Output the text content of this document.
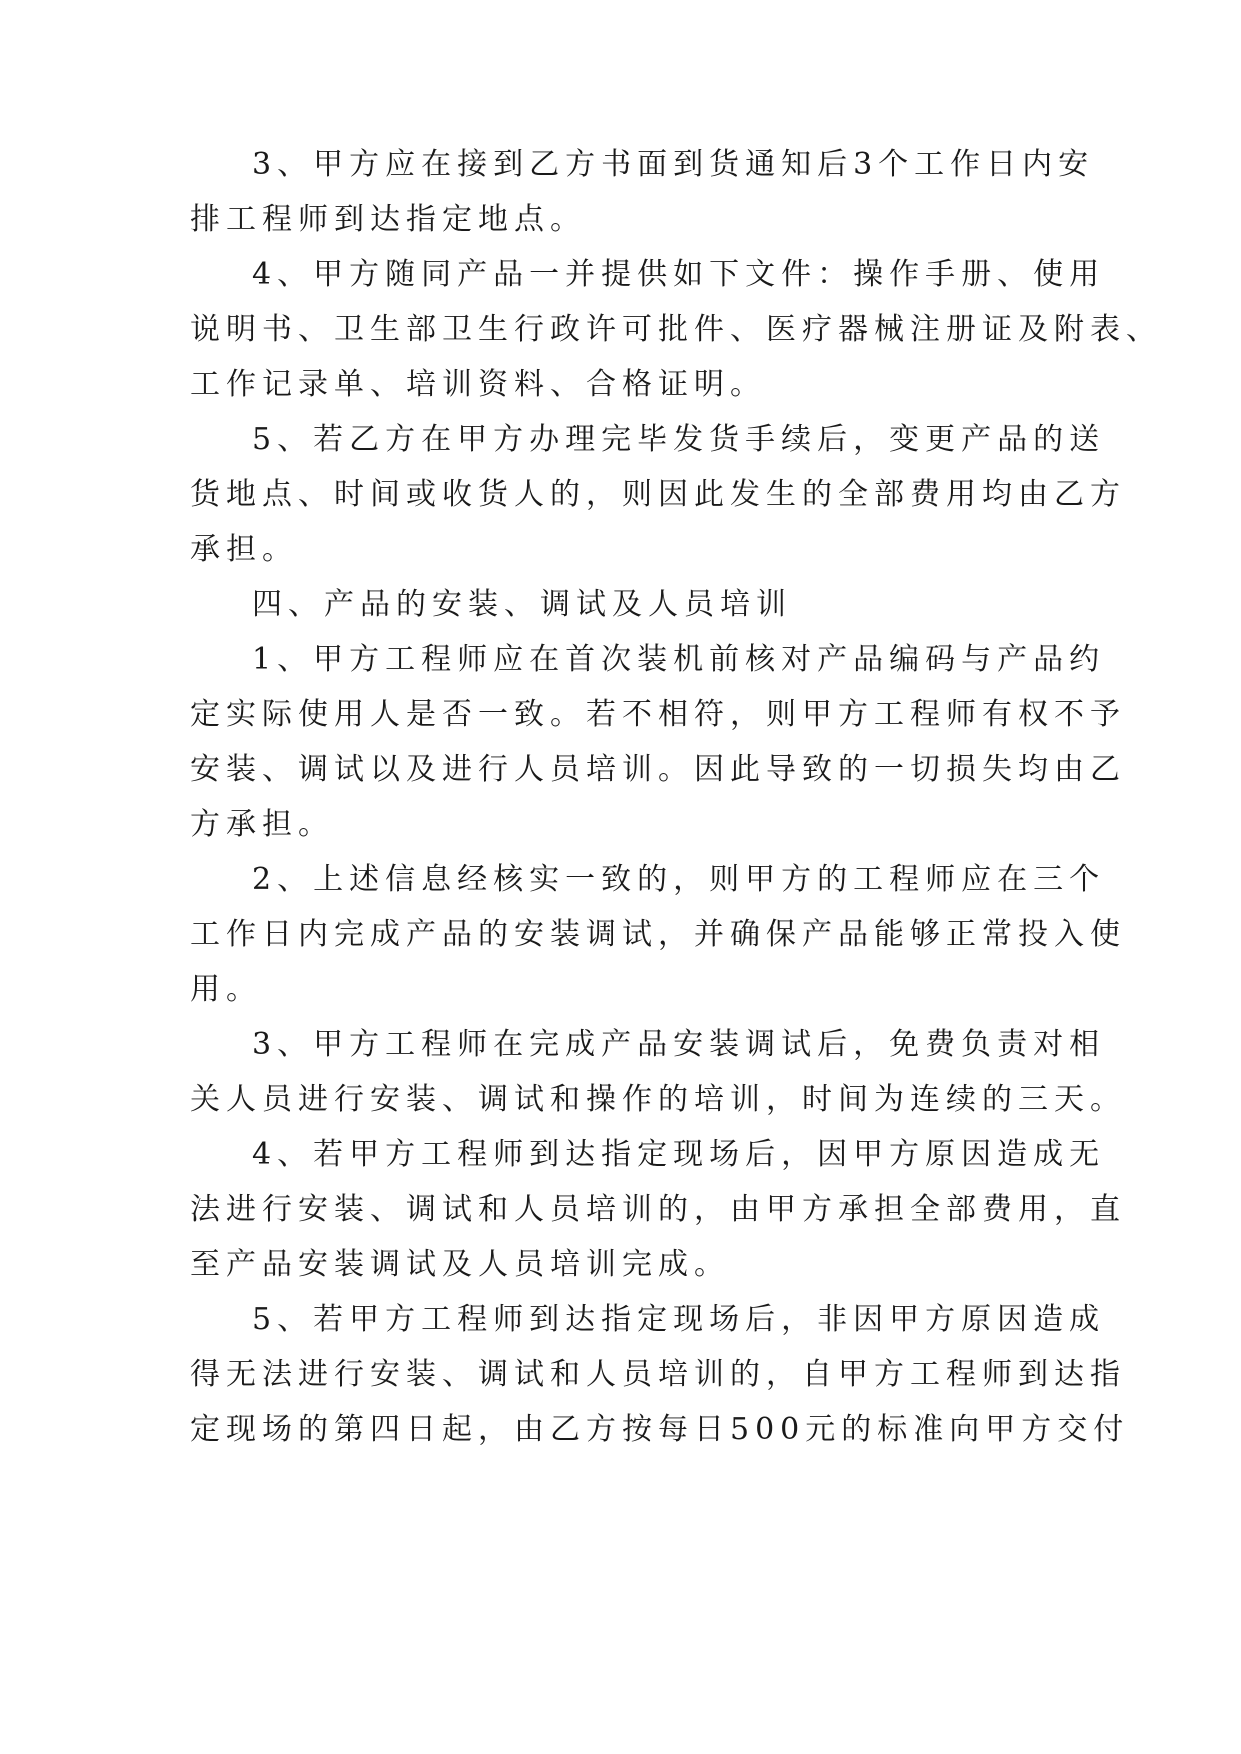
3、甲方应在接到乙方书面到货通知后3个工作日内安
排工程师到达指定地点。
4、甲方随同产品一并提供如下文件：操作手册、使用
说明书、卫生部卫生行政许可批件、医疗器械注册证及附表、
工作记录单、培训资料、合格证明。
5、若乙方在甲方办理完毕发货手续后，变更产品的送
货地点、时间或收货人的，则因此发生的全部费用均由乙方
承担。
四、产品的安装、调试及人员培训
1、甲方工程师应在首次装机前核对产品编码与产品约
定实际使用人是否一致。若不相符，则甲方工程师有权不予
安装、调试以及进行人员培训。因此导致的一切损失均由乙
方承担。
2、上述信息经核实一致的，则甲方的工程师应在三个
工作日内完成产品的安装调试，并确保产品能够正常投入使
用。
3、甲方工程师在完成产品安装调试后，免费负责对相
关人员进行安装、调试和操作的培训，时间为连续的三天。
4、若甲方工程师到达指定现场后，因甲方原因造成无
法进行安装、调试和人员培训的，由甲方承担全部费用，直
至产品安装调试及人员培训完成。
5、若甲方工程师到达指定现场后，非因甲方原因造成
得无法进行安装、调试和人员培训的，自甲方工程师到达指
定现场的第四日起，由乙方按每日500元的标准向甲方交付
